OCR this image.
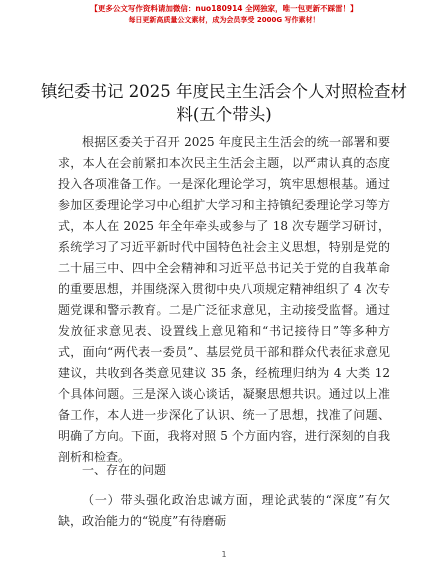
【更多公文写作资料请加微信：nuo180914 全网独家，唯一包更新不踩雷！】
每日更新高质量公文素材，成为会员享受 2000G 写作素材！
镇纪委书记 2025 年度民主生活会个人对照检查材料(五个带头)
根据区委关于召开 2025 年度民主生活会的统一部署和要求，本人在会前紧扣本次民主生活会主题，以严肃认真的态度投入各项准备工作。一是深化理论学习，筑牢思想根基。通过参加区委理论学习中心组扩大学习和主持镇纪委理论学习等方式，本人在 2025 年全年牵头或参与了 18 次专题学习研讨，系统学习了习近平新时代中国特色社会主义思想，特别是党的二十届三中、四中全会精神和习近平总书记关于党的自我革命的重要思想，并围绕深入贯彻中央八项规定精神组织了 4 次专题党课和警示教育。二是广泛征求意见，主动接受监督。通过发放征求意见表、设置线上意见箱和“书记接待日”等多种方式，面向“两代表一委员”、基层党员干部和群众代表征求意见建议，共收到各类意见建议 35 条，经梳理归纳为 4 大类 12 个具体问题。三是深入谈心谈话，凝聚思想共识。通过以上准备工作，本人进一步深化了认识、统一了思想，找准了问题、明确了方向。下面，我将对照 5 个方面内容，进行深刻的自我剖析和检查。
一、存在的问题
（一）带头强化政治忠诚方面，理论武装的“深度”有欠缺，政治能力的“锐度”有待磨砺
1
